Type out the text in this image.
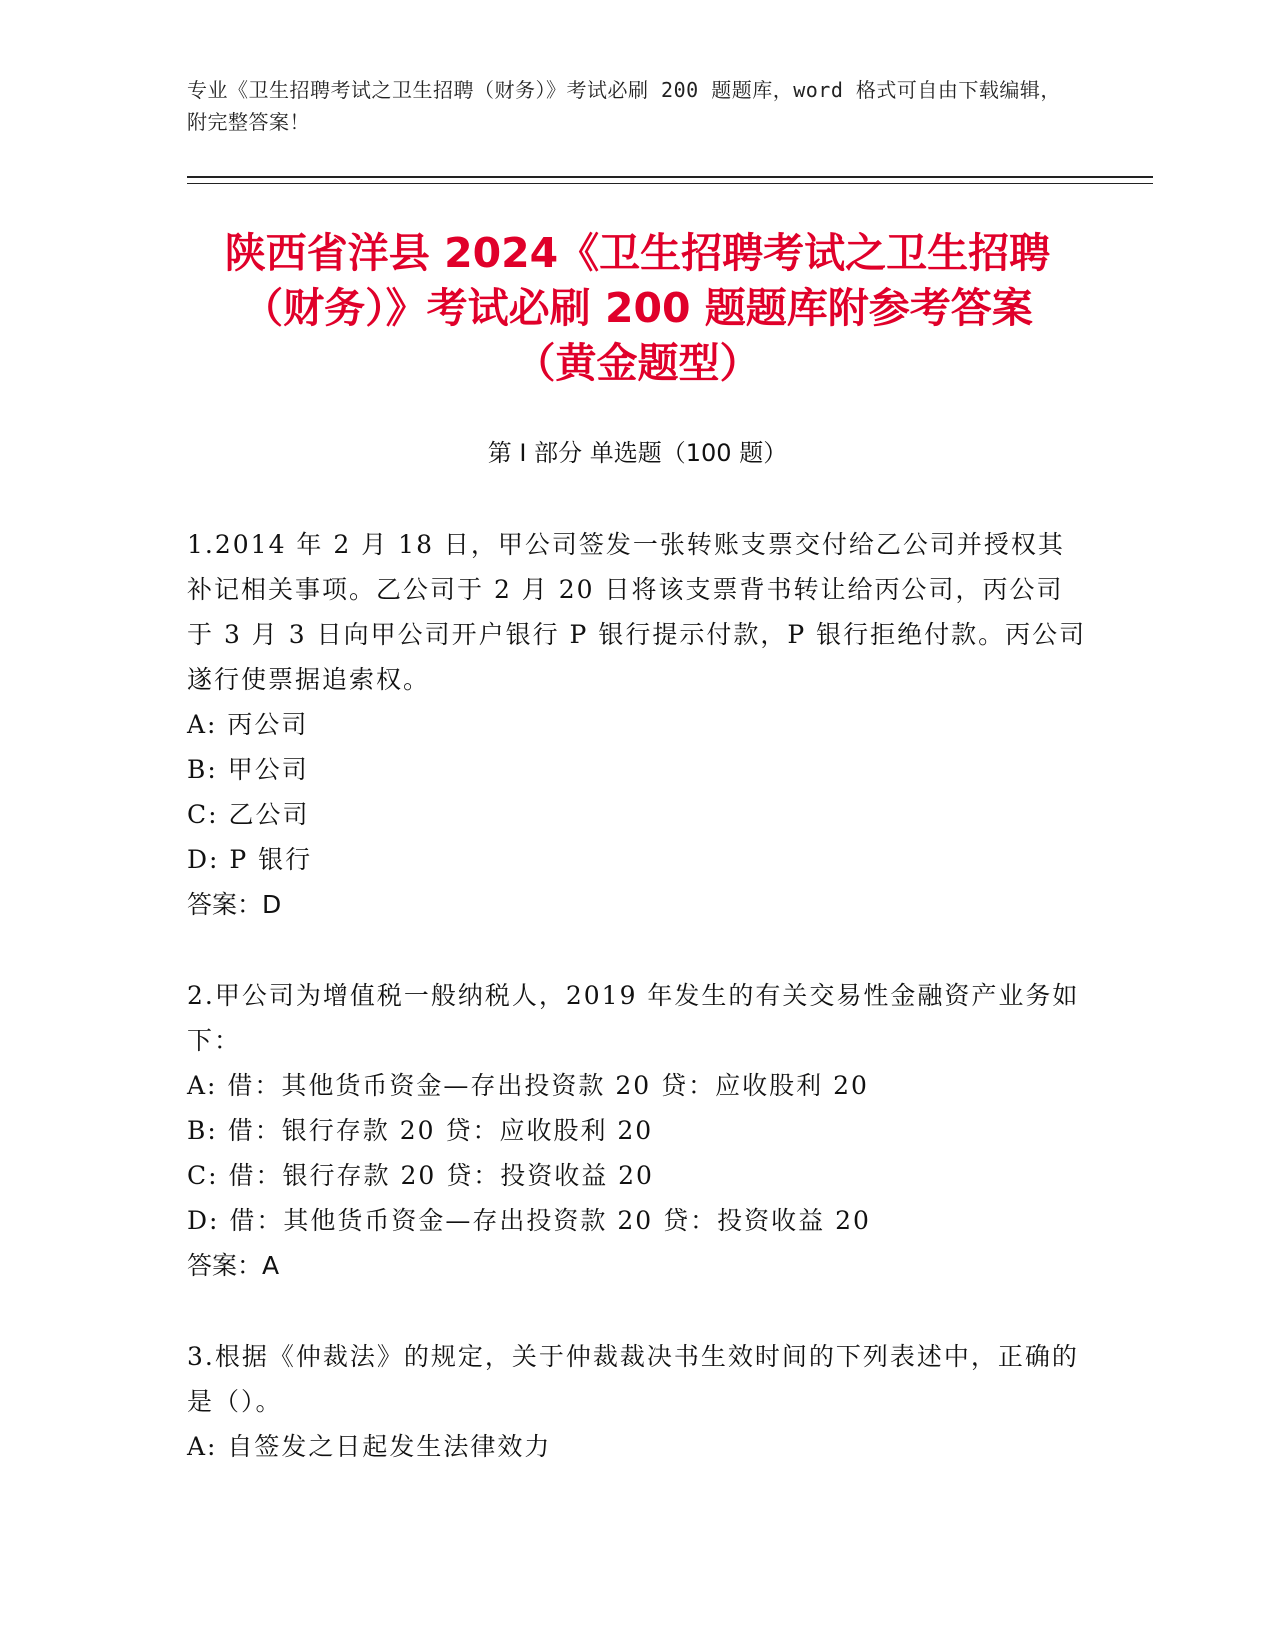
专业《卫生招聘考试之卫生招聘（财务）》考试必刷 200 题题库，word 格式可自由下载编辑，附完整答案！
陕西省洋县 2024《卫生招聘考试之卫生招聘
（财务）》考试必刷 200 题题库附参考答案
（黄金题型）
第 I 部分 单选题（100 题）

1.2014 年 2 月 18 日，甲公司签发一张转账支票交付给乙公司并授权其补记相关事项。乙公司于 2 月 20 日将该支票背书转让给丙公司，丙公司于 3 月 3 日向甲公司开户银行 P 银行提示付款，P 银行拒绝付款。丙公司遂行使票据追索权。

A: 丙公司

B: 甲公司

C: 乙公司

D: P 银行

答案：D

2.甲公司为增值税一般纳税人，2019 年发生的有关交易性金融资产业务如下：

A: 借：其他货币资金—存出投资款 20 贷：应收股利 20

B: 借：银行存款 20 贷：应收股利 20

C: 借：银行存款 20 贷：投资收益 20

D: 借：其他货币资金—存出投资款 20 贷：投资收益 20

答案：A

3.根据《仲裁法》的规定，关于仲裁裁决书生效时间的下列表述中，正确的是（）。

A: 自签发之日起发生法律效力
